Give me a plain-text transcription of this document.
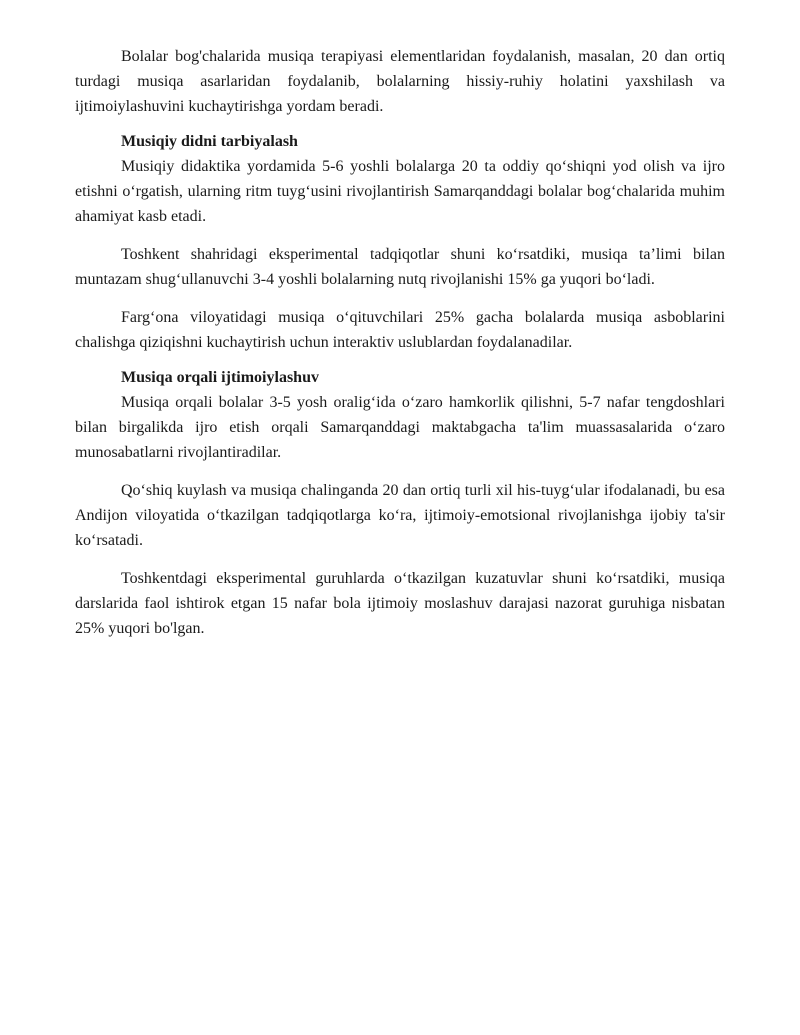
Bolalar bog'chalarida musiqa terapiyasi elementlaridan foydalanish, masalan, 20 dan ortiq turdagi musiqa asarlaridan foydalanib, bolalarning hissiy-ruhiy holatini yaxshilash va ijtimoiylashuvini kuchaytirishga yordam beradi.

Musiqiy didni tarbiyalash

Musiqiy didaktika yordamida 5-6 yoshli bolalarga 20 ta oddiy qo‘shiqni yod olish va ijro etishni o‘rgatish, ularning ritm tuyg‘usini rivojlantirish Samarqanddagi bolalar bog‘chalarida muhim ahamiyat kasb etadi.

Toshkent shahridagi eksperimental tadqiqotlar shuni ko‘rsatdiki, musiqa ta’limi bilan muntazam shug‘ullanuvchi 3-4 yoshli bolalarning nutq rivojlanishi 15% ga yuqori bo‘ladi.

Farg‘ona viloyatidagi musiqa o‘qituvchilari 25% gacha bolalarda musiqa asboblarini chalishga qiziqishni kuchaytirish uchun interaktiv uslublardan foydalanadilar.

Musiqa orqali ijtimoiylashuv

Musiqa orqali bolalar 3-5 yosh oralig‘ida o‘zaro hamkorlik qilishni, 5-7 nafar tengdoshlari bilan birgalikda ijro etish orqali Samarqanddagi maktabgacha ta'lim muassasalarida o‘zaro munosabatlarni rivojlantiradilar.

Qo‘shiq kuylash va musiqa chalinganda 20 dan ortiq turli xil his-tuyg‘ular ifodalanadi, bu esa Andijon viloyatida o‘tkazilgan tadqiqotlarga ko‘ra, ijtimoiy-emotsional rivojlanishga ijobiy ta'sir ko‘rsatadi.

Toshkentdagi eksperimental guruhlarda o‘tkazilgan kuzatuvlar shuni ko‘rsatdiki, musiqa darslarida faol ishtirok etgan 15 nafar bola ijtimoiy moslashuv darajasi nazorat guruhiga nisbatan 25% yuqori bo'lgan.
